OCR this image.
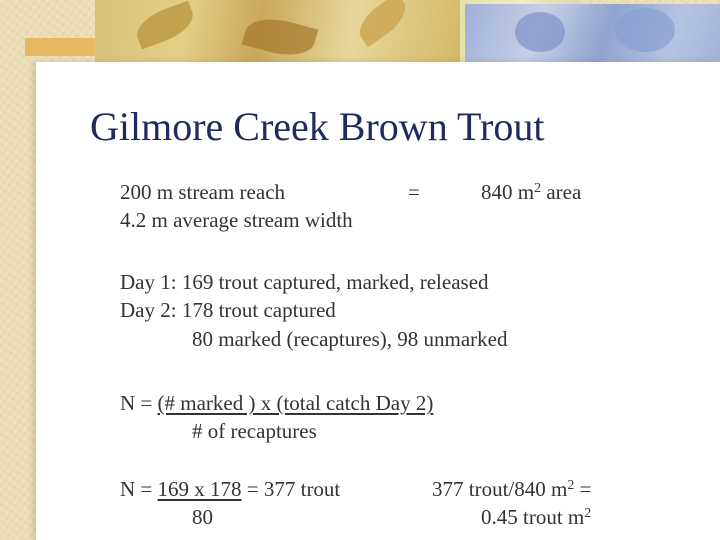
Gilmore Creek Brown Trout
200 m stream reach
4.2 m average stream width
=	840 $m^2$ area
Day 1: 169 trout captured, marked, released
Day 2: 178 trout captured
80 marked (recaptures), 98 unmarked
N = (# marked ) x (total catch Day 2)
# of recaptures
N = 169 x 178 = 377 trout
80
377 trout/840 $m^2$ =
0.45 trout $m^2$
